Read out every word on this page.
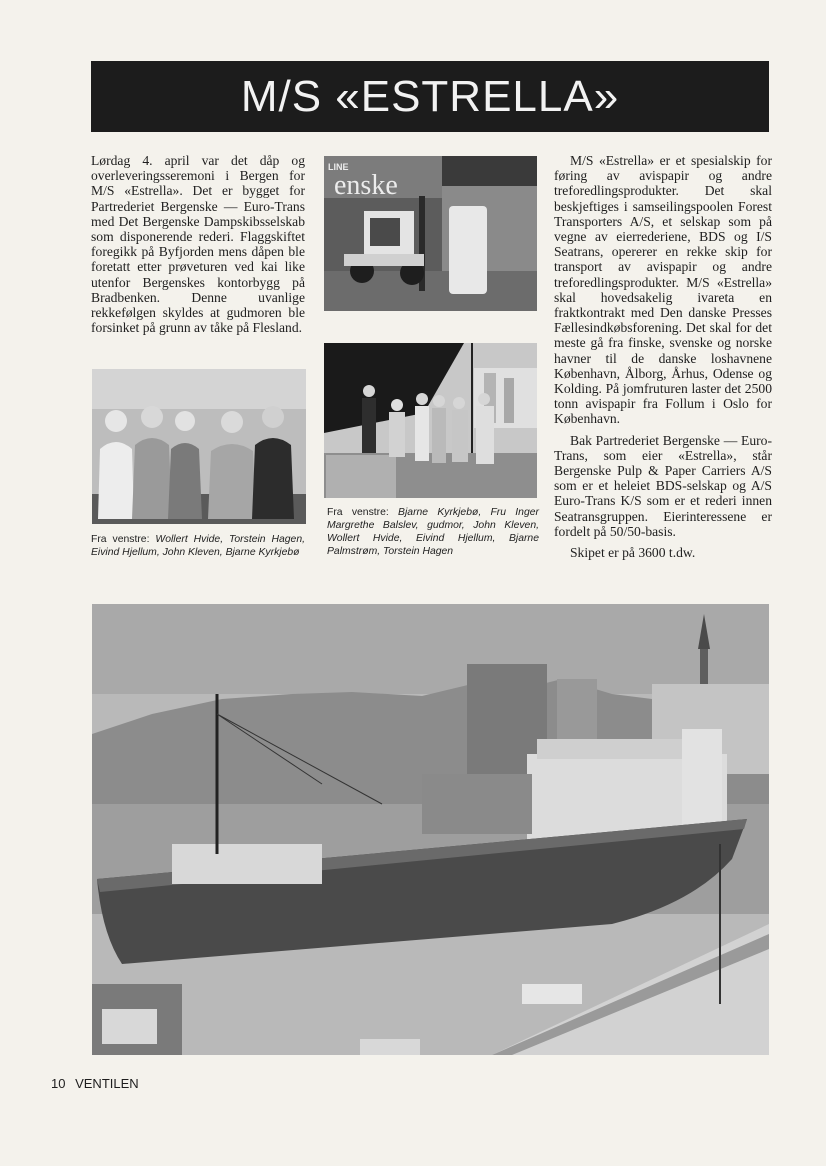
M/S «ESTRELLA»

Lørdag 4. april var det dåp og overleveringsseremoni i Bergen for M/S «Estrella». Det er bygget for Partrederiet Bergenske — Euro-Trans med Det Bergenske Dampskibsselskab som disponerende rederi. Flaggskiftet foregikk på Byfjorden mens dåpen ble foretatt etter prøveturen ved kai like utenfor Bergenskes kontorbygg på Bradbenken. Denne uvanlige rekkefølgen skyldes at gudmoren ble forsinket på grunn av tåke på Flesland.

Fra venstre: Wollert Hvide, Torstein Hagen, Eivind Hjellum, John Kleven, Bjarne Kyrkjebø
LINE
enske
Fra venstre: Bjarne Kyrkjebø, Fru Inger Margrethe Balslev, gudmor, John Kleven, Wollert Hvide, Eivind Hjellum, Bjarne Palmstrøm, Torstein Hagen

M/S «Estrella» er et spesialskip for føring av avispapir og andre treforedlingsprodukter. Det skal beskjeftiges i samseilingspoolen Forest Transporters A/S, et selskap som på vegne av eierrederiene, BDS og I/S Seatrans, opererer en rekke skip for transport av avispapir og andre treforedlingsprodukter. M/S «Estrella» skal hovedsakelig ivareta en fraktkontrakt med Den danske Presses Fællesindkøbsforening. Det skal for det meste gå fra finske, svenske og norske havner til de danske loshavnene København, Ålborg, Århus, Odense og Kolding. På jomfruturen laster det 2500 tonn avispapir fra Follum i Oslo for København.

Bak Partrederiet Bergenske — Euro-Trans, som eier «Estrella», står Bergenske Pulp & Paper Carriers A/S som er et heleiet BDS-selskap og A/S Euro-Trans K/S som er et rederi innen Seatransgruppen. Eierinteressene er fordelt på 50/50-basis.

Skipet er på 3600 t.dw.

10 VENTILEN
